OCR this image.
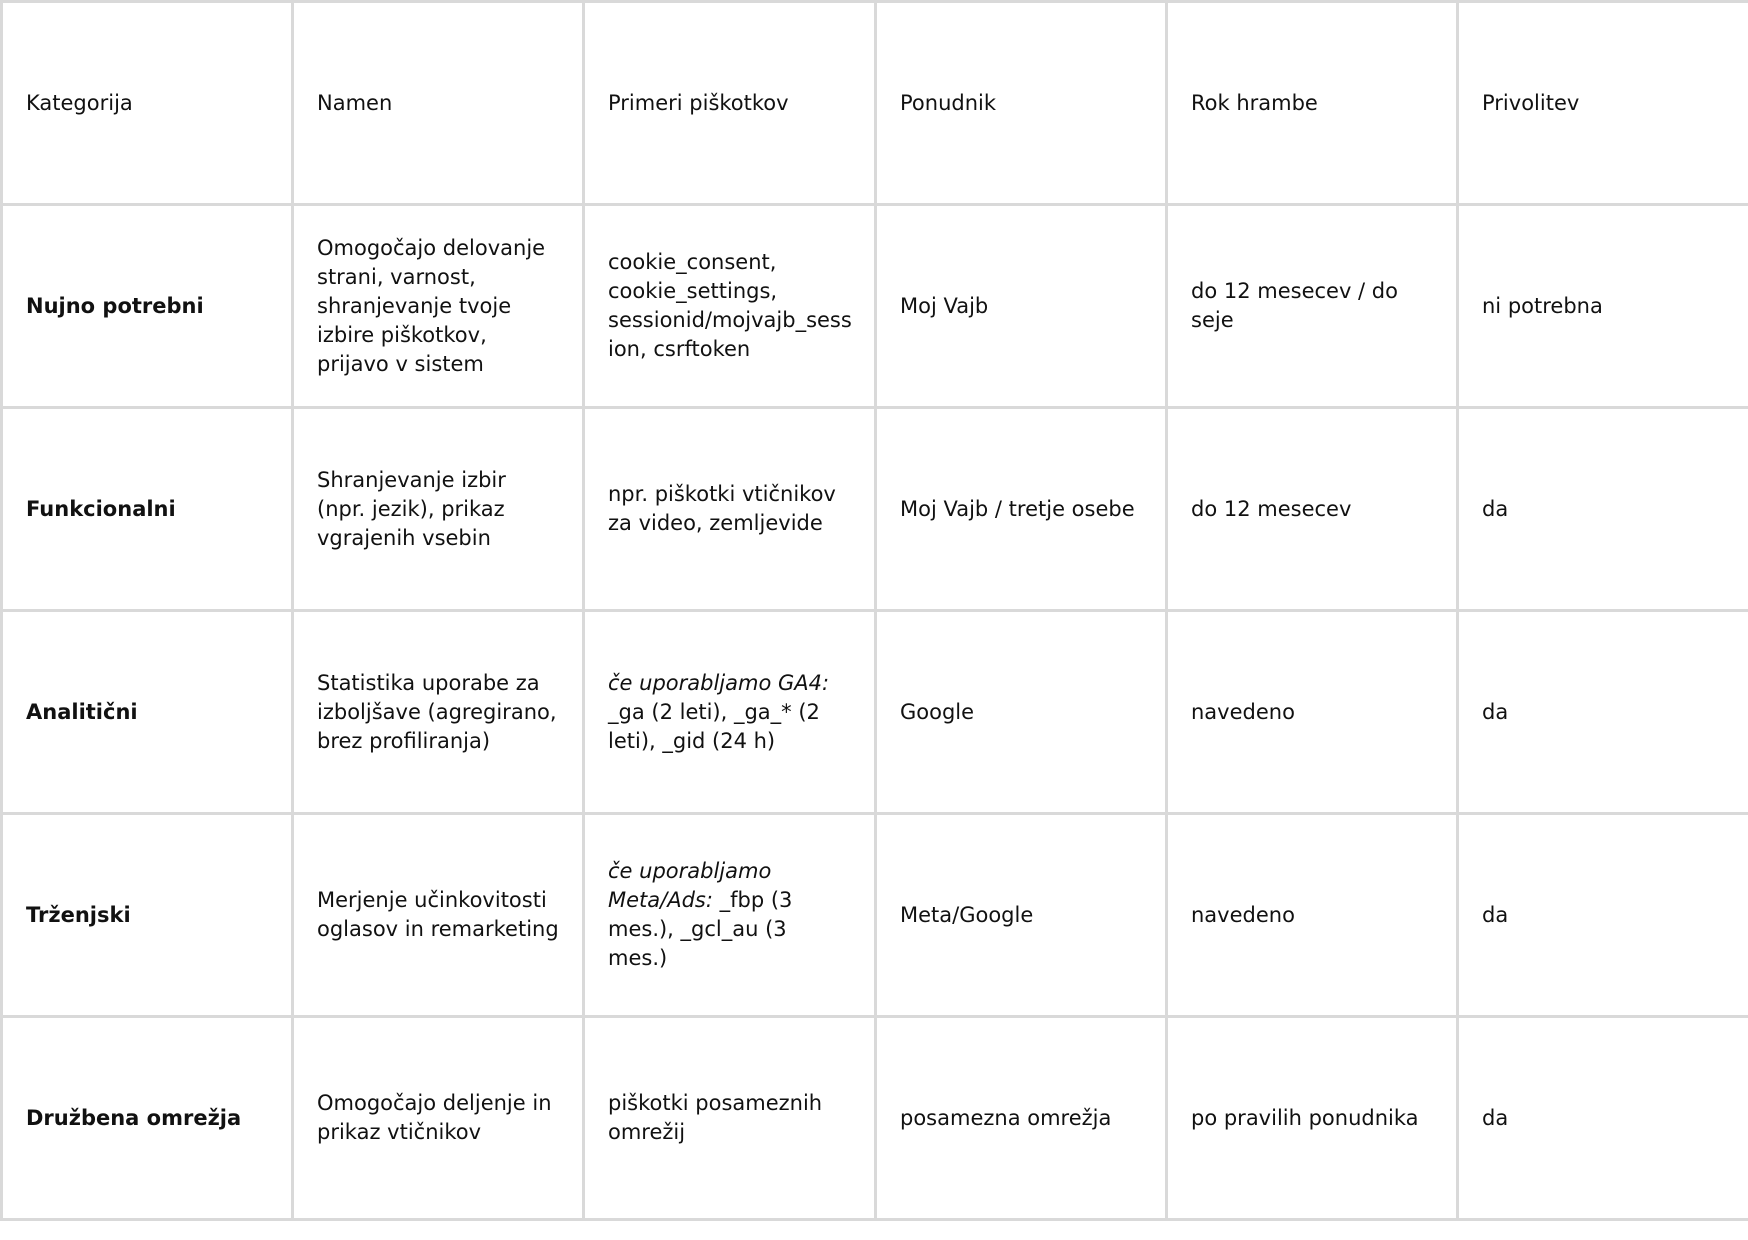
Kategorija	Namen	Primeri piškotkov	Ponudnik	Rok hrambe	Privolitev
Nujno potrebni	Omogočajo delovanje strani, varnost, shranjevanje tvoje izbire piškotkov, prijavo v sistem	cookie_consent, cookie_settings, sessionid/mojvajb_session, csrftoken	Moj Vajb	do 12 mesecev / do seje	ni potrebna
Funkcionalni	Shranjevanje izbir (npr. jezik), prikaz vgrajenih vsebin	npr. piškotki vtičnikov za video, zemljevide	Moj Vajb / tretje osebe	do 12 mesecev	da
Analitični	Statistika uporabe za izboljšave (agregirano, brez profiliranja)	če uporabljamo GA4: _ga (2 leti), _ga_* (2 leti), _gid (24 h)	Google	navedeno	da
Trženjski	Merjenje učinkovitosti oglasov in remarketing	če uporabljamo Meta/Ads: _fbp (3 mes.), _gcl_au (3 mes.)	Meta/Google	navedeno	da
Družbena omrežja	Omogočajo deljenje in prikaz vtičnikov	piškotki posameznih omrežij	posamezna omrežja	po pravilih ponudnika	da
